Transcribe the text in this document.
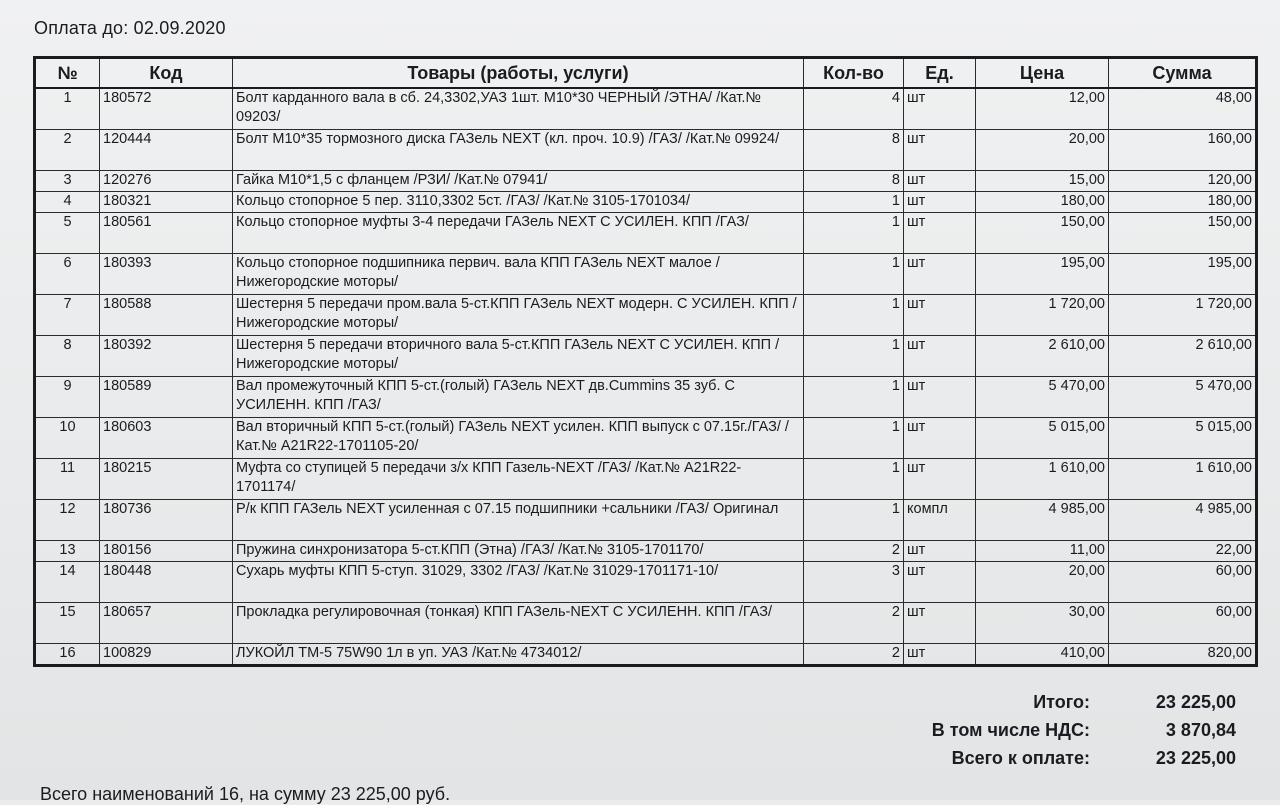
Оплата до: 02.09.2020
№	Код	Товары (работы, услуги)	Кол-во	Ед.	Цена	Сумма
1	180572	Болт карданного вала в сб. 24,3302,УАЗ 1шт. М10*30 ЧЕРНЫЙ /ЭТНА/ /Кат.№ 09203/	4	шт	12,00	48,00
2	120444	Болт М10*35 тормозного диска ГАЗель NEXT (кл. проч. 10.9) /ГАЗ/ /Кат.№ 09924/	8	шт	20,00	160,00
3	120276	Гайка М10*1,5 с фланцем /РЗИ/ /Кат.№ 07941/	8	шт	15,00	120,00
4	180321	Кольцо стопорное 5 пер. 3110,3302 5ст. /ГАЗ/ /Кат.№ 3105-1701034/	1	шт	180,00	180,00
5	180561	Кольцо стопорное муфты 3-4 передачи ГАЗель NEXT С УСИЛЕН. КПП /ГАЗ/	1	шт	150,00	150,00
6	180393	Кольцо стопорное подшипника первич. вала КПП ГАЗель NEXT малое /Нижегородские моторы/	1	шт	195,00	195,00
7	180588	Шестерня 5 передачи пром.вала 5-ст.КПП ГАЗель NEXT модерн. С УСИЛЕН. КПП /Нижегородские моторы/	1	шт	1 720,00	1 720,00
8	180392	Шестерня 5 передачи вторичного вала 5-ст.КПП ГАЗель NEXT С УСИЛЕН. КПП /Нижегородские моторы/	1	шт	2 610,00	2 610,00
9	180589	Вал промежуточный КПП 5-ст.(голый) ГАЗель NEXT дв.Cummins 35 зуб. С УСИЛЕНН. КПП /ГАЗ/	1	шт	5 470,00	5 470,00
10	180603	Вал вторичный КПП 5-ст.(голый) ГАЗель NEXT усилен. КПП выпуск с 07.15г./ГАЗ/ /Кат.№ A21R22-1701105-20/	1	шт	5 015,00	5 015,00
11	180215	Муфта со ступицей 5 передачи з/х КПП Газель-NEXT /ГАЗ/ /Кат.№ A21R22-1701174/	1	шт	1 610,00	1 610,00
12	180736	Р/к КПП ГАЗель NEXT усиленная с 07.15 подшипники +сальники /ГАЗ/ Оригинал	1	компл	4 985,00	4 985,00
13	180156	Пружина синхронизатора 5-ст.КПП (Этна) /ГАЗ/ /Кат.№ 3105-1701170/	2	шт	11,00	22,00
14	180448	Сухарь муфты КПП 5-ступ. 31029, 3302 /ГАЗ/ /Кат.№ 31029-1701171-10/	3	шт	20,00	60,00
15	180657	Прокладка регулировочная (тонкая) КПП ГАЗель-NEXT С УСИЛЕНН. КПП /ГАЗ/	2	шт	30,00	60,00
16	100829	ЛУКОЙЛ ТМ-5 75W90 1л в уп. УАЗ /Кат.№ 4734012/	2	шт	410,00	820,00
Итого:	23 225,00
В том числе НДС:	3 870,84
Всего к оплате:	23 225,00
Всего наименований 16, на сумму 23 225,00 руб.
